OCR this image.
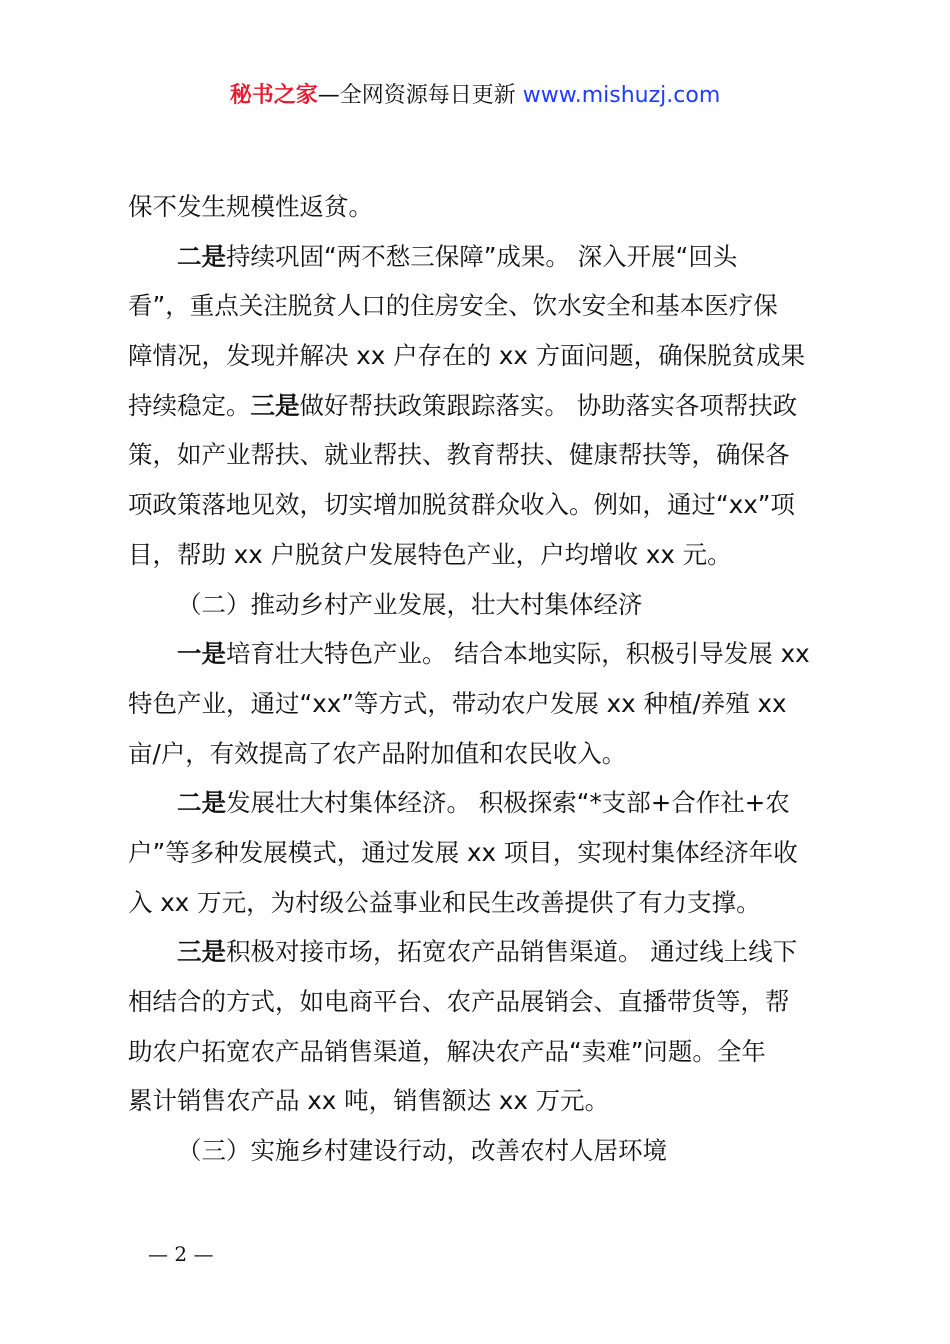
秘书之家—全网资源每日更新 www.mishuzj.com
保不发生规模性返贫。
二是持续巩固“两不愁三保障”成果。 深入开展“回头
看”，重点关注脱贫人口的住房安全、饮水安全和基本医疗保
障情况，发现并解决 xx 户存在的 xx 方面问题，确保脱贫成果
持续稳定。三是做好帮扶政策跟踪落实。 协助落实各项帮扶政
策，如产业帮扶、就业帮扶、教育帮扶、健康帮扶等，确保各
项政策落地见效，切实增加脱贫群众收入。例如，通过“xx”项
目，帮助 xx 户脱贫户发展特色产业，户均增收 xx 元。
（二）推动乡村产业发展，壮大村集体经济
一是培育壮大特色产业。 结合本地实际，积极引导发展 xx
特色产业，通过“xx”等方式，带动农户发展 xx 种植/养殖 xx
亩/户，有效提高了农产品附加值和农民收入。
二是发展壮大村集体经济。 积极探索“*支部+合作社+农
户”等多种发展模式，通过发展 xx 项目，实现村集体经济年收
入 xx 万元，为村级公益事业和民生改善提供了有力支撑。
三是积极对接市场，拓宽农产品销售渠道。 通过线上线下
相结合的方式，如电商平台、农产品展销会、直播带货等，帮
助农户拓宽农产品销售渠道，解决农产品“卖难”问题。全年
累计销售农产品 xx 吨，销售额达 xx 万元。
（三）实施乡村建设行动，改善农村人居环境
— 2 —
